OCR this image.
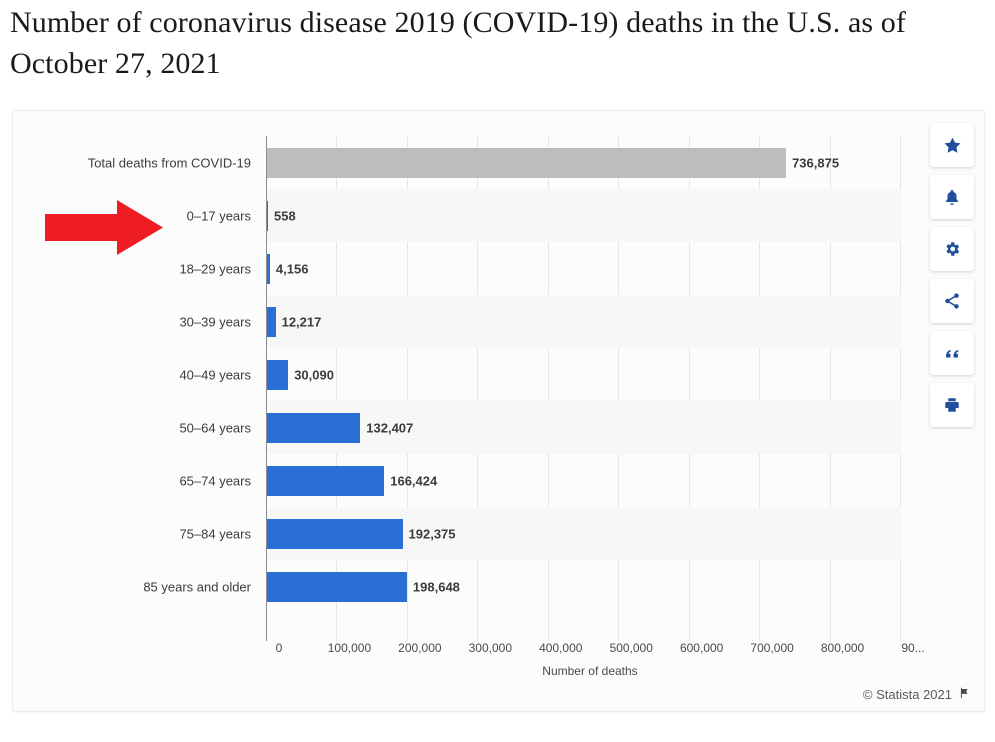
Number of coronavirus disease 2019 (COVID-19) deaths in the U.S. as of October 27, 2021
Total deaths from COVID-19
0–17 years
18–29 years
30–39 years
40–49 years
50–64 years
65–74 years
75–84 years
85 years and older
736,875
558
4,156
12,217
30,090
132,407
166,424
192,375
198,648
0	100,000 200,000 300,000 400,000 500,000 600,000 700,000 800,000	90...
Number of deaths
© Statista 2021
